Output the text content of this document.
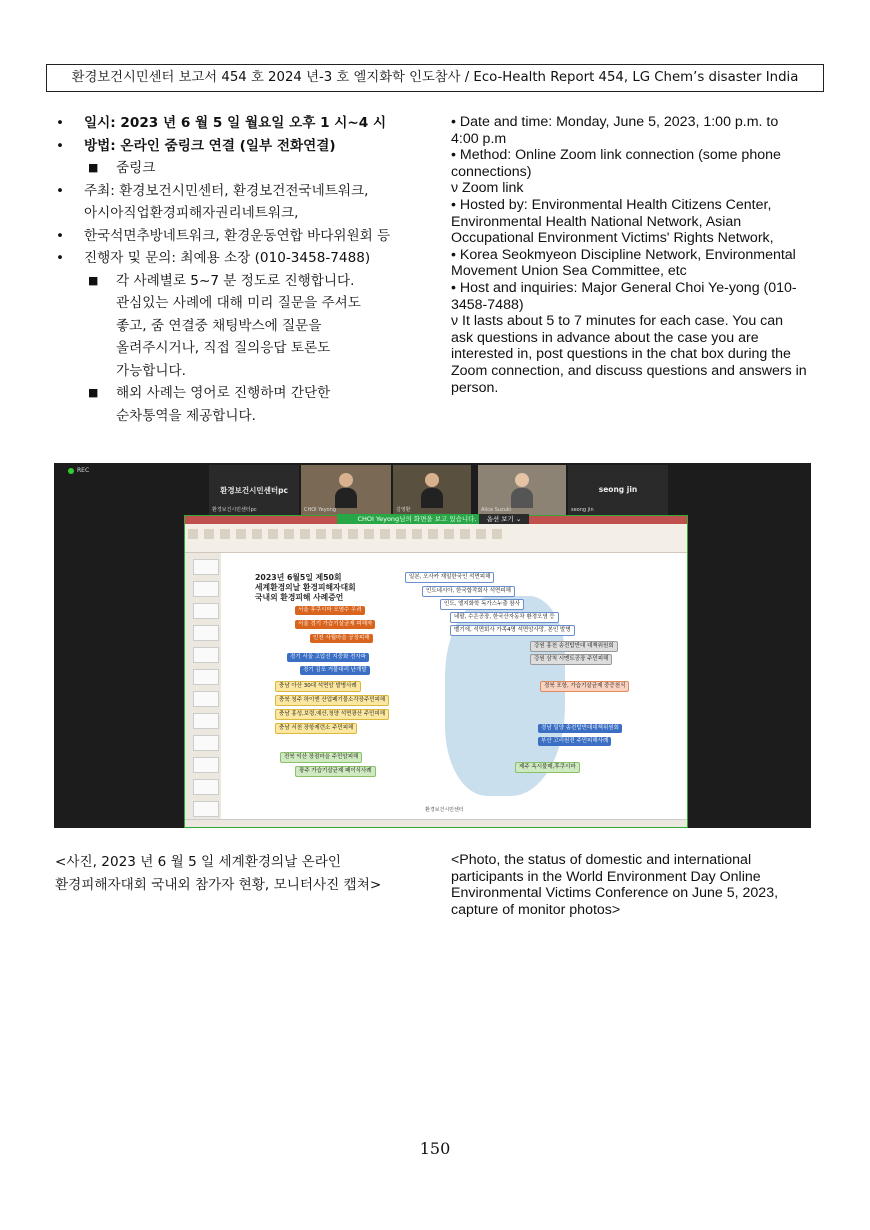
환경보건시민센터 보고서 454 호 2024 년-3 호 엘지화학 인도참사 / Eco-Health Report 454, LG Chem’s disaster India
• 일시: 2023 년 6 월 5 일 월요일 오후 1 시~4 시
• 방법: 온라인 줌링크 연결 (일부 전화연결)
■ 줌링크
• 주최: 환경보건시민센터, 환경보건전국네트워크,
아시아직업환경피해자권리네트워크,
• 한국석면추방네트워크, 환경운동연합 바다위원회 등
• 진행자 및 문의: 최예용 소장 (010-3458-7488)
■ 각 사례별로 5~7 분 정도로 진행합니다.
관심있는 사례에 대해 미리 질문을 주셔도
좋고, 줌 연결중 채팅박스에 질문을
올려주시거나, 직접 질의응답 토론도
가능합니다.
■ 해외 사례는 영어로 진행하며 간단한
순차통역을 제공합니다.
• Date and time: Monday, June 5, 2023, 1:00 p.m. to
4:00 p.m
• Method: Online Zoom link connection (some phone
connections)
ν Zoom link
• Hosted by: Environmental Health Citizens Center,
Environmental Health National Network, Asian
Occupational Environment Victims' Rights Network,
• Korea Seokmyeon Discipline Network, Environmental
Movement Union Sea Committee, etc
• Host and inquiries: Major General Choi Ye-yong (010-
3458-7488)
ν It lasts about 5 to 7 minutes for each case. You can
ask questions in advance about the case you are
interested in, post questions in the chat box during the
Zoom connection, and discuss questions and answers in
person.
REC
환경보건시민센터pc
환경보건시민센터pc	CHOI Yeyong	김영환	Alice Suzuki
seong jin
seong jin
2023년 6월5일 제50회
세계환경의날 환경피해자대회
국내외 환경피해 사례증언
일본, 오사카 재일한국인 석면피해
인도네시아, 한국합작회사 석면피해
인도, 엘지화학 독가스누출 참사
네팔, 수은공장, 한국산자동차 환경오염 등
벨기에, 석면회사 가족4명 석면암사망, 본인 발병
서울 후쿠시마 오염수 우려
서울 경기 가습기살균제 피해자
인천 사월마을 공장피해
경기 서울 고압선 지중화 전자파
경기 김포 거물대리 난개발
강원 홍천 송전탑반대 대책위원회
강원 삼척 시멘트공장 주민피해
충남 아산 30대 석면암 발병사례
충북 청주 하이엔 산업폐기물소각장주민피해
충남 홍성,보령,예산,청양 석면광산 주민피해
충남 서천 장항제련소 주민피해
경북 포항, 가습기살균제 중증천식
경남 밀양 송전탑반대대책위원회
부산 고리원전 주민피해사례
전북 익산 장점마을 주민암피해
광주 가습기살균제 폐이식사례
제주 옥시불매,후쿠시마
환경보건시민센터
CHOI Yeyong님의 화면을 보고 있습니다.	옵션 보기 ⌄
<사진, 2023 년 6 월 5 일 세계환경의날 온라인
환경피해자대회 국내외 참가자 현황, 모니터사진 캡쳐>
<Photo, the status of domestic and international
participants in the World Environment Day Online
Environmental Victims Conference on June 5, 2023,
capture of monitor photos>
150
